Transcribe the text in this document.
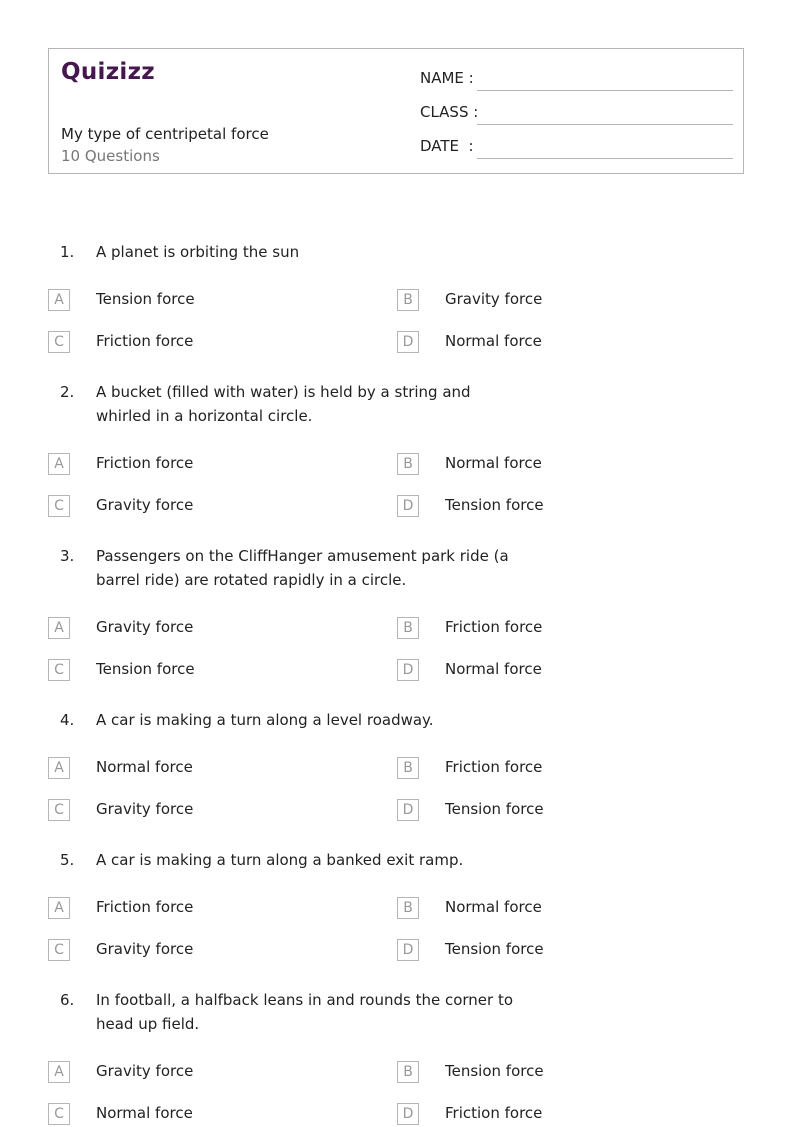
Quizizz
My type of centripetal force
10 Questions
NAME :
CLASS :
DATE  :
1. A planet is orbiting the sun
A	Tension force	B	Gravity force
C	Friction force	D	Normal force
2. A bucket (filled with water) is held by a string and whirled in a horizontal circle.
A	Friction force	B	Normal force
C	Gravity force	D	Tension force
3. Passengers on the CliffHanger amusement park ride (a barrel ride) are rotated rapidly in a circle.
A	Gravity force	B	Friction force
C	Tension force	D	Normal force
4. A car is making a turn along a level roadway.
A	Normal force	B	Friction force
C	Gravity force	D	Tension force
5. A car is making a turn along a banked exit ramp.
A	Friction force	B	Normal force
C	Gravity force	D	Tension force
6. In football, a halfback leans in and rounds the corner to head up field.
A	Gravity force	B	Tension force
C	Normal force	D	Friction force
